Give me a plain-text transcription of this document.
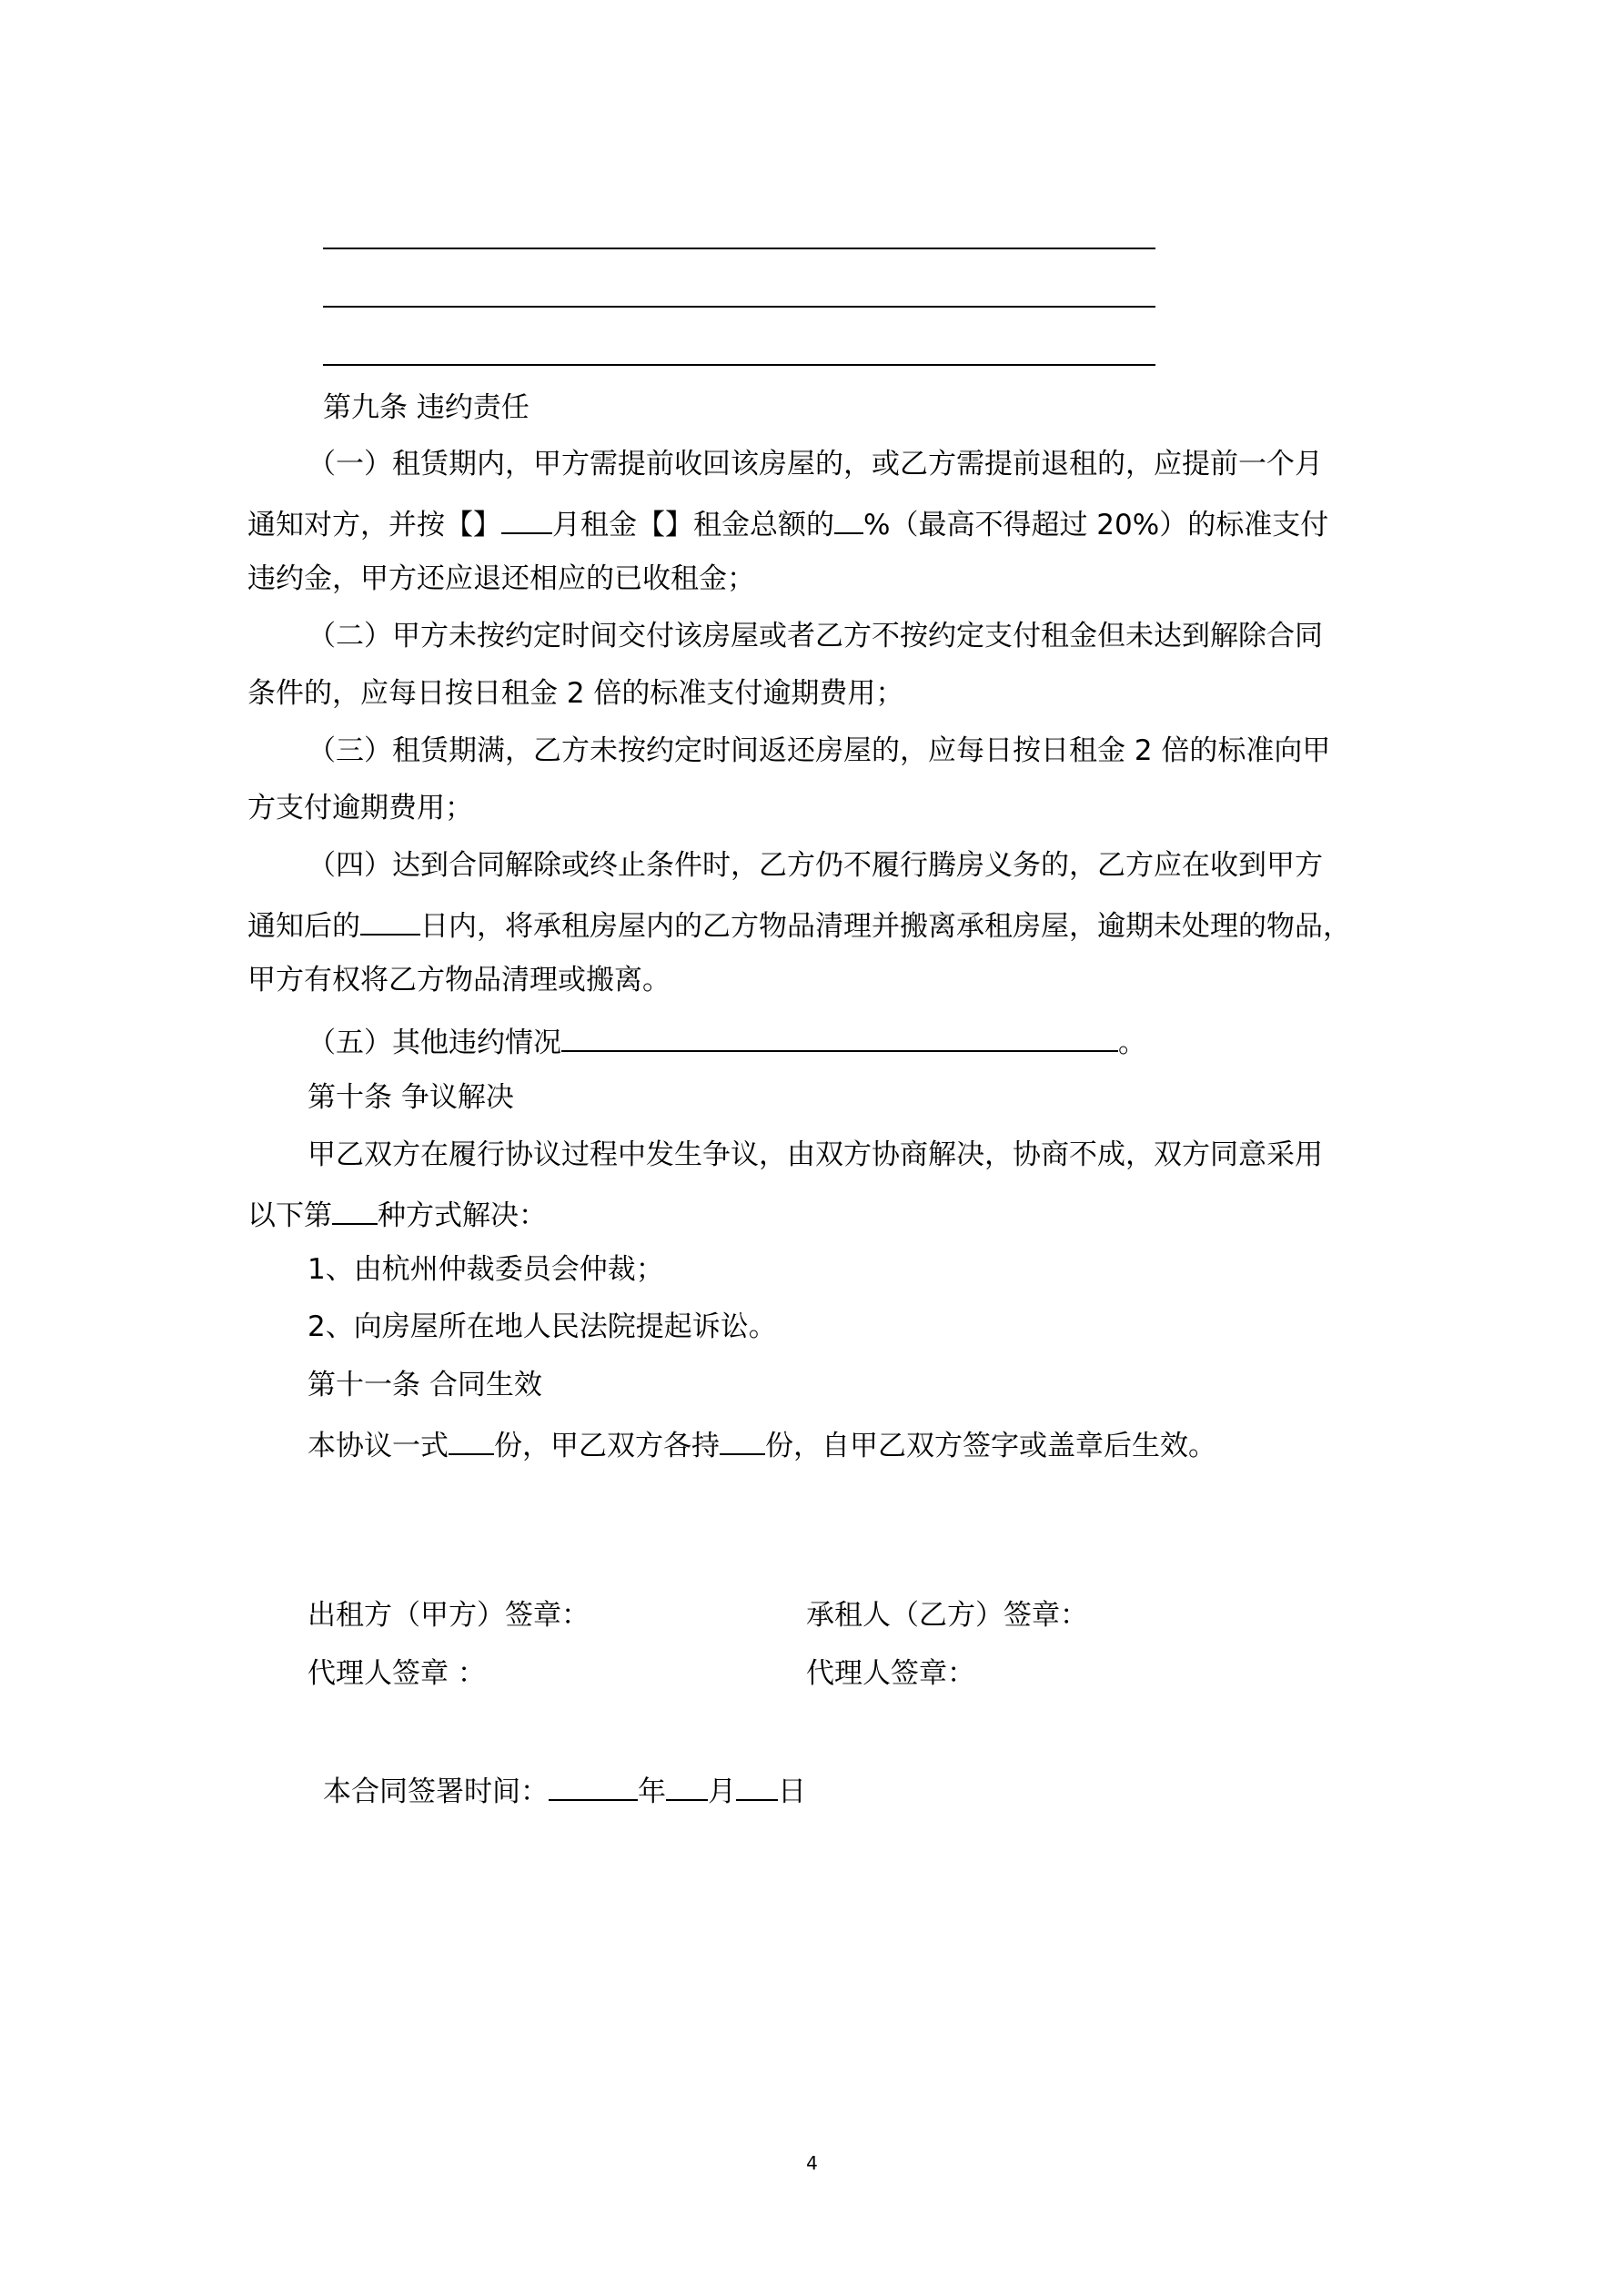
第九条 违约责任
（一）租赁期内，甲方需提前收回该房屋的，或乙方需提前退租的，应提前一个月
通知对方，并按【】 月租金【】租金总额的 %（最高不得超过 20%）的标准支付
违约金，甲方还应退还相应的已收租金；
（二）甲方未按约定时间交付该房屋或者乙方不按约定支付租金但未达到解除合同
条件的，应每日按日租金 2 倍的标准支付逾期费用；
（三）租赁期满，乙方未按约定时间返还房屋的，应每日按日租金 2 倍的标准向甲
方支付逾期费用；
（四）达到合同解除或终止条件时，乙方仍不履行腾房义务的，乙方应在收到甲方
通知后的 日内，将承租房屋内的乙方物品清理并搬离承租房屋，逾期未处理的物品，
甲方有权将乙方物品清理或搬离。
（五）其他违约情况	。
第十条 争议解决
甲乙双方在履行协议过程中发生争议，由双方协商解决，协商不成，双方同意采用
以下第 种方式解决：
1、由杭州仲裁委员会仲裁；
2、向房屋所在地人民法院提起诉讼。
第十一条 合同生效
本协议一式 份，甲乙双方各持 份，自甲乙双方签字或盖章后生效。
出租方（甲方）签章：	承租人（乙方）签章：
代理人签章 ：	代理人签章：
本合同签署时间：	年 月 日
4
